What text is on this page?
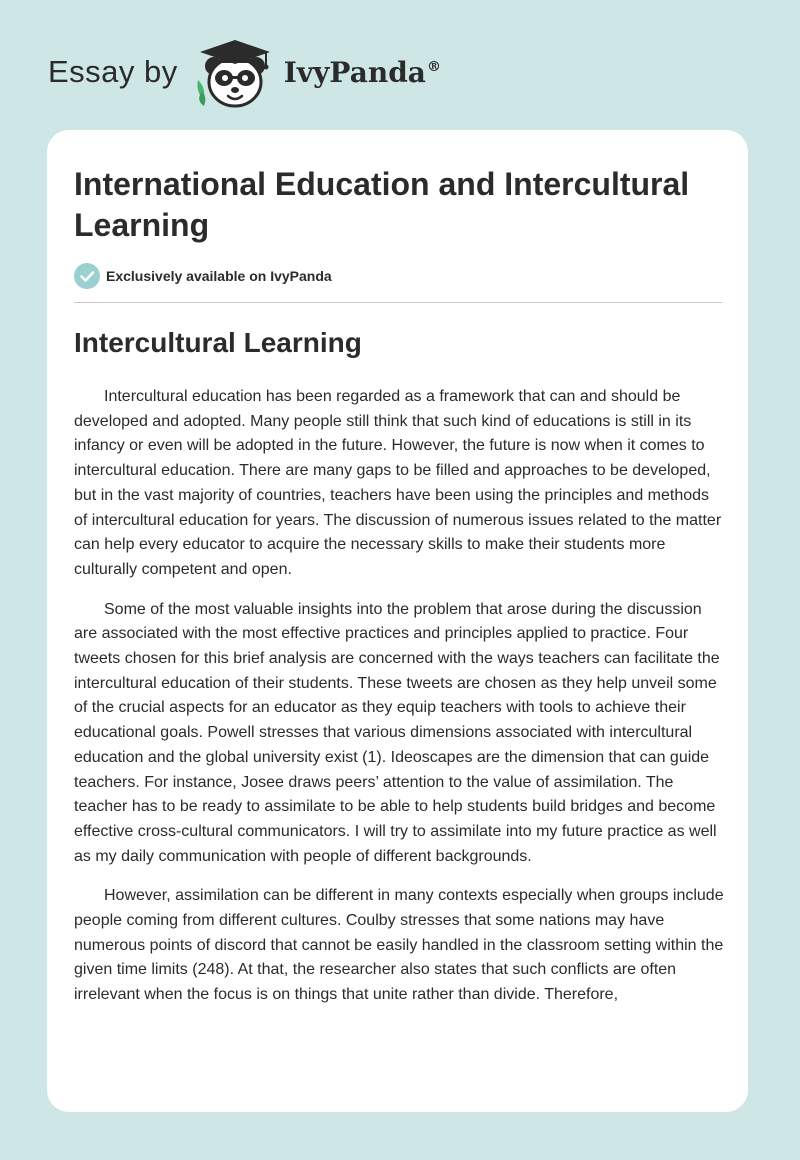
Essay by	IvyPanda®
International Education and Intercultural Learning
Exclusively available on IvyPanda
Intercultural Learning

Intercultural education has been regarded as a framework that can and should be developed and adopted. Many people still think that such kind of educations is still in its infancy or even will be adopted in the future. However, the future is now when it comes to intercultural education. There are many gaps to be filled and approaches to be developed, but in the vast majority of countries, teachers have been using the principles and methods of intercultural education for years. The discussion of numerous issues related to the matter can help every educator to acquire the necessary skills to make their students more culturally competent and open.

Some of the most valuable insights into the problem that arose during the discussion are associated with the most effective practices and principles applied to practice. Four tweets chosen for this brief analysis are concerned with the ways teachers can facilitate the intercultural education of their students. These tweets are chosen as they help unveil some of the crucial aspects for an educator as they equip teachers with tools to achieve their educational goals. Powell stresses that various dimensions associated with intercultural education and the global university exist (1). Ideoscapes are the dimension that can guide teachers. For instance, Josee draws peers’ attention to the value of assimilation. The teacher has to be ready to assimilate to be able to help students build bridges and become effective cross-cultural communicators. I will try to assimilate into my future practice as well as my daily communication with people of different backgrounds.

However, assimilation can be different in many contexts especially when groups include people coming from different cultures. Coulby stresses that some nations may have numerous points of discord that cannot be easily handled in the classroom setting within the given time limits (248). At that, the researcher also states that such conflicts are often irrelevant when the focus is on things that unite rather than divide. Therefore,
